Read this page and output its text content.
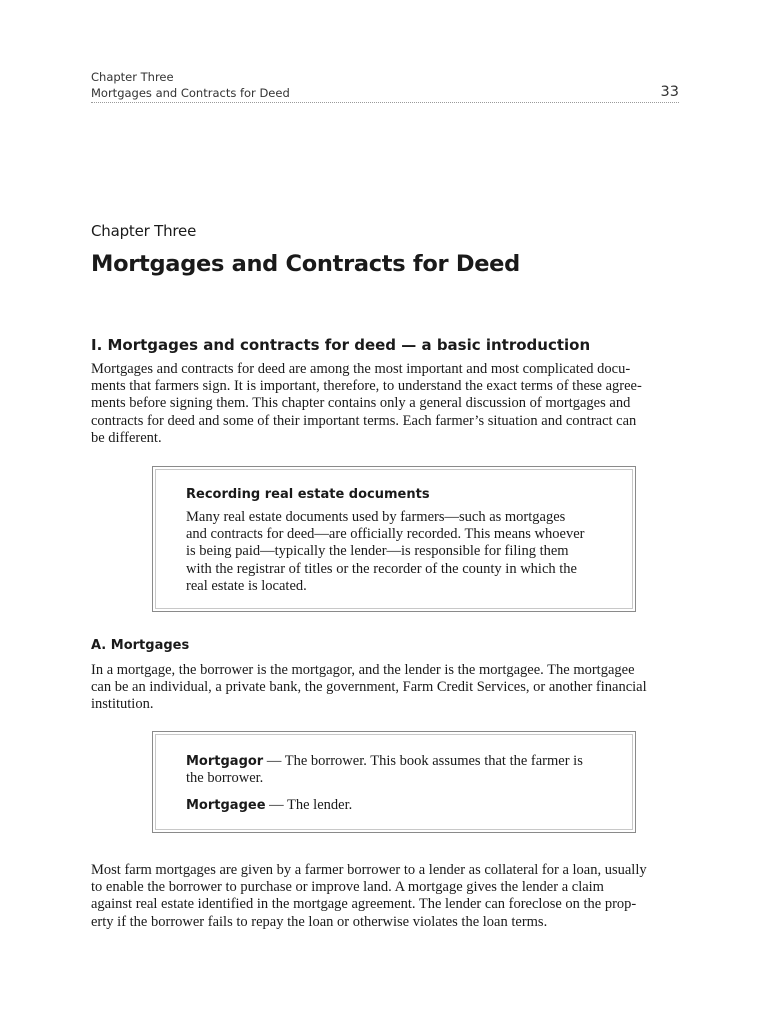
Chapter Three
Mortgages and Contracts for Deed	33
Chapter Three
Mortgages and Contracts for Deed
I. Mortgages and contracts for deed — a basic introduction

Mortgages and contracts for deed are among the most important and most complicated docu-
ments that farmers sign. It is important, therefore, to understand the exact terms of these agree-
ments before signing them. This chapter contains only a general discussion of mortgages and
contracts for deed and some of their important terms. Each farmer’s situation and contract can
be different.

Recording real estate documents

Many real estate documents used by farmers—such as mortgages
and contracts for deed—are officially recorded. This means whoever
is being paid—typically the lender—is responsible for filing them
with the registrar of titles or the recorder of the county in which the
real estate is located.

A. Mortgages

In a mortgage, the borrower is the mortgagor, and the lender is the mortgagee. The mortgagee
can be an individual, a private bank, the government, Farm Credit Services, or another financial
institution.

Mortgagor — The borrower. This book assumes that the farmer is
the borrower.

Mortgagee — The lender.

Most farm mortgages are given by a farmer borrower to a lender as collateral for a loan, usually
to enable the borrower to purchase or improve land. A mortgage gives the lender a claim
against real estate identified in the mortgage agreement. The lender can foreclose on the prop-
erty if the borrower fails to repay the loan or otherwise violates the loan terms.
